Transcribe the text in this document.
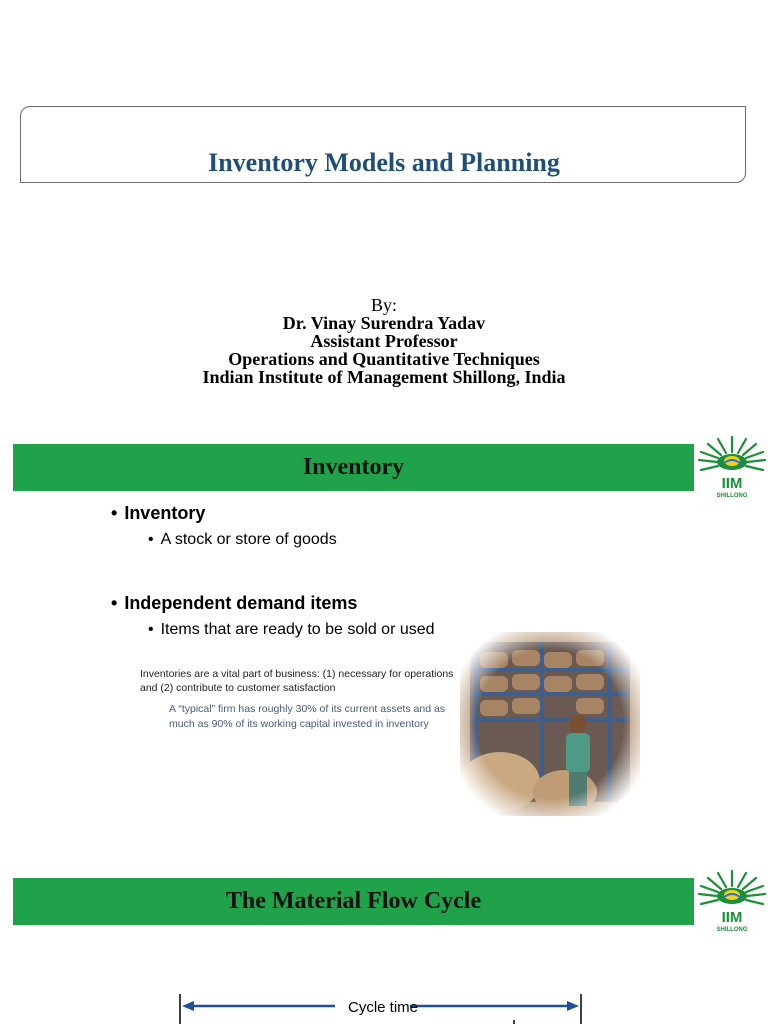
Inventory Models and Planning
By:
Dr. Vinay Surendra Yadav
Assistant Professor
Operations and Quantitative Techniques
Indian Institute of Management Shillong, India
Inventory
IIM
SHILLONG
• Inventory
• A stock or store of goods
• Independent demand items
• Items that are ready to be sold or used
Inventories are a vital part of business: (1) necessary for operations and (2) contribute to customer satisfaction
A “typical” firm has roughly 30% of its current assets and as much as 90% of its working capital invested in inventory
The Material Flow Cycle
IIM
SHILLONG
Cycle time
